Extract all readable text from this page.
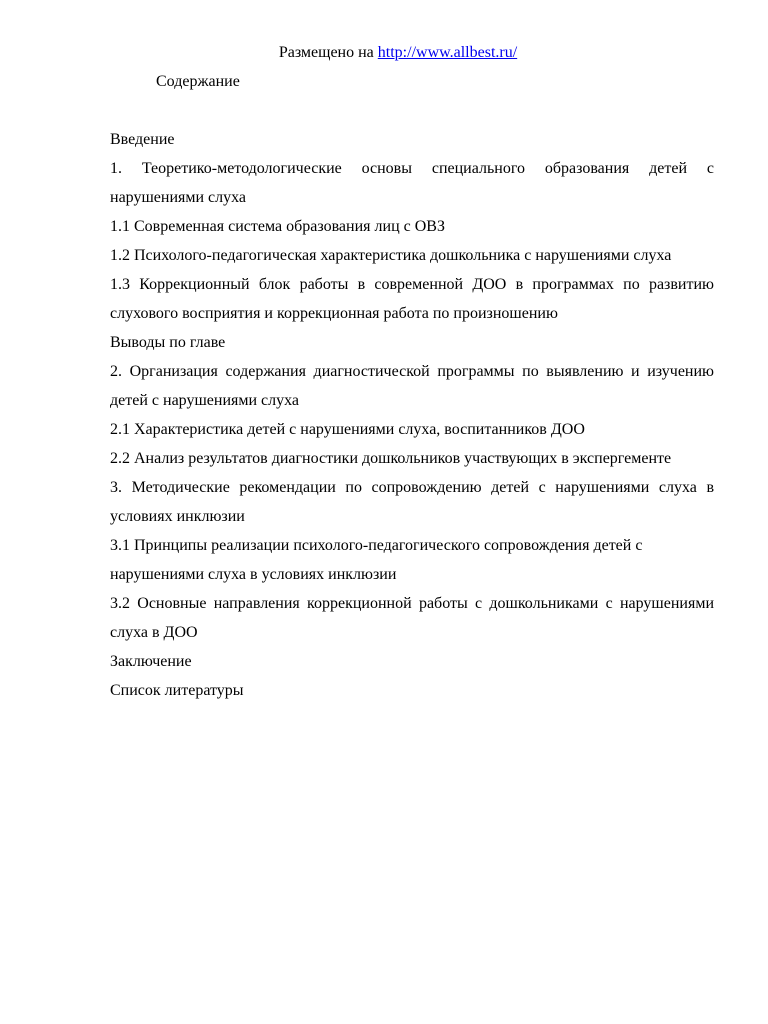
Размещено на http://www.allbest.ru/
Содержание

Введение

1. Теоретико-методологические основы специального образования детей с нарушениями слуха

1.1 Современная система образования лиц с ОВЗ

1.2 Психолого-педагогическая характеристика дошкольника с нарушениями слуха

1.3 Коррекционный блок работы в современной ДОО в программах по развитию слухового восприятия и коррекционная работа по произношению

Выводы по главе

2. Организация содержания диагностической программы по выявлению и изучению детей с нарушениями слуха

2.1 Характеристика детей с нарушениями слуха, воспитанников ДОО

2.2 Анализ результатов диагностики дошкольников участвующих в экспергементе

3. Методические рекомендации по сопровождению детей с нарушениями слуха в условиях инклюзии

3.1 Принципы реализации психолого-педагогического сопровождения детей с нарушениями слуха в условиях инклюзии

3.2 Основные направления коррекционной работы с дошкольниками с нарушениями слуха в ДОО

Заключение

Список литературы
